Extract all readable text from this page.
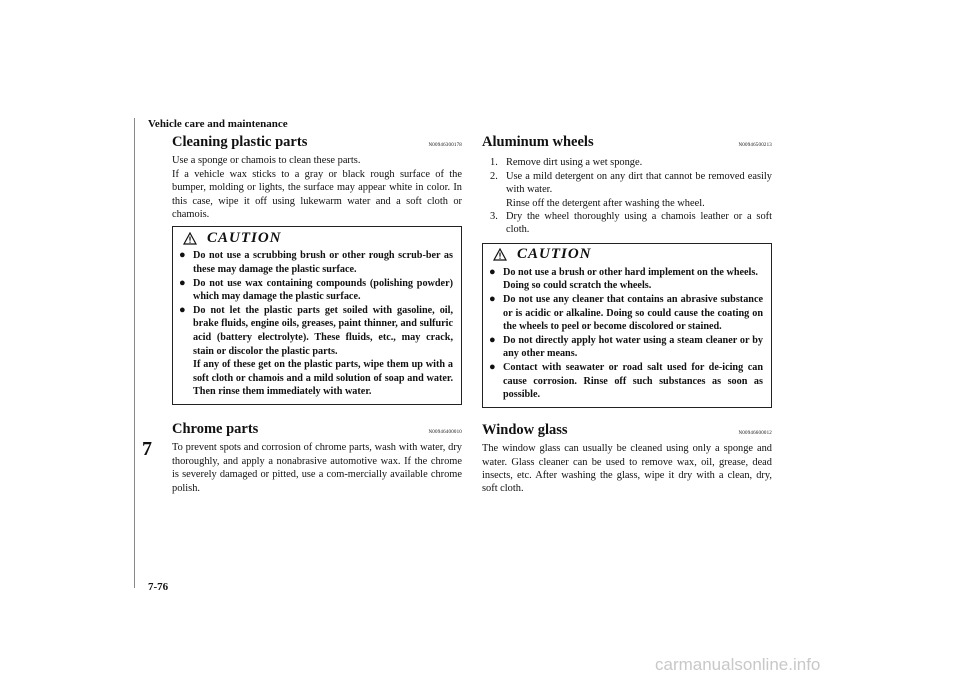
Vehicle care and maintenance
7
7-76
Cleaning plastic parts	N00946300178

Use a sponge or chamois to clean these parts.
If a vehicle wax sticks to a gray or black rough surface of the bumper, molding or lights, the surface may appear white in color. In this case, wipe it off using lukewarm water and a soft cloth or chamois.

CAUTION
● Do not use a scrubbing brush or other rough scrub-ber as these may damage the plastic surface.
● Do not use wax containing compounds (polishing powder) which may damage the plastic surface.
● Do not let the plastic parts get soiled with gasoline, oil, brake fluids, engine oils, greases, paint thinner, and sulfuric acid (battery electrolyte). These fluids, etc., may crack, stain or discolor the plastic parts.
If any of these get on the plastic parts, wipe them up with a soft cloth or chamois and a mild solution of soap and water. Then rinse them immediately with water.
Chrome parts	N00946400010

To prevent spots and corrosion of chrome parts, wash with water, dry thoroughly, and apply a nonabrasive automotive wax. If the chrome is severely damaged or pitted, use a com-mercially available chrome polish.

Aluminum wheels	N00946500213
1. Remove dirt using a wet sponge.
2. Use a mild detergent on any dirt that cannot be removed easily with water.
Rinse off the detergent after washing the wheel.
3. Dry the wheel thoroughly using a chamois leather or a soft cloth.
CAUTION
● Do not use a brush or other hard implement on the wheels.
Doing so could scratch the wheels.
● Do not use any cleaner that contains an abrasive substance or is acidic or alkaline. Doing so could cause the coating on the wheels to peel or become discolored or stained.
● Do not directly apply hot water using a steam cleaner or by any other means.
● Contact with seawater or road salt used for de-icing can cause corrosion. Rinse off such substances as soon as possible.
Window glass	N00946600012

The window glass can usually be cleaned using only a sponge and water. Glass cleaner can be used to remove wax, oil, grease, dead insects, etc. After washing the glass, wipe it dry with a clean, dry, soft cloth.

carmanualsonline.info
